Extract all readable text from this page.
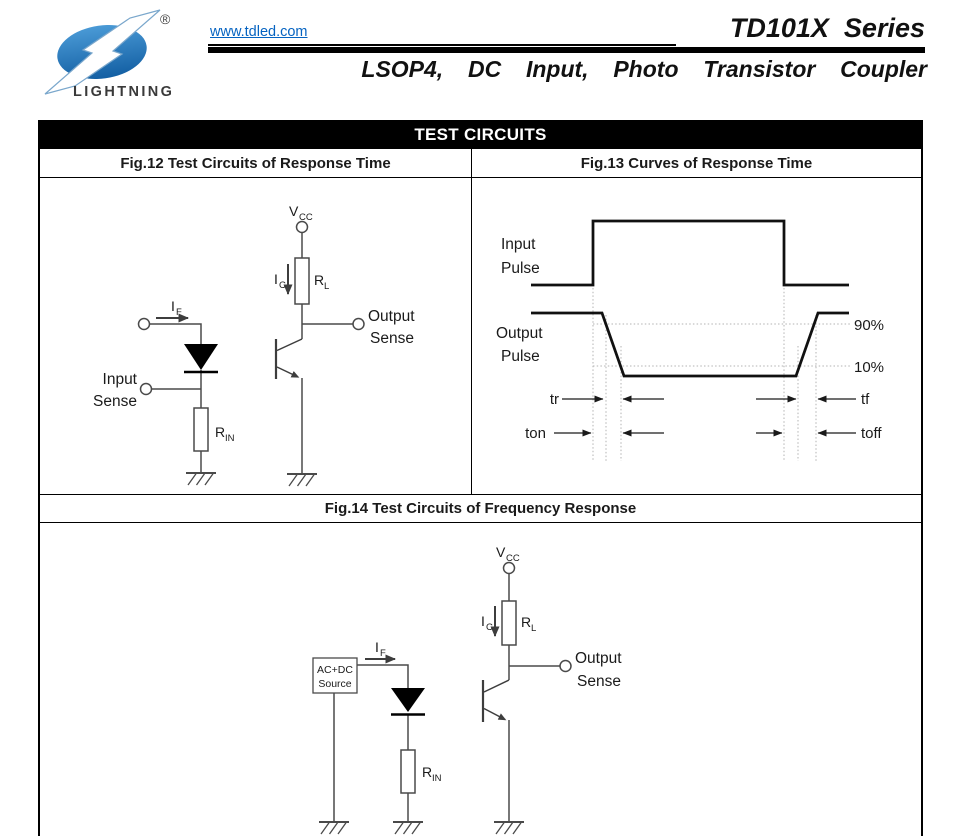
®
LIGHTNING
www.tdled.com	TD101X  Series
LSOP4,  DC  Input,  Photo  Transistor  Coupler
TEST CIRCUITS
Fig.12 Test Circuits of Response Time	Fig.13 Curves of Response Time
I F
Input
Sense
R IN
V CC
I C R L
Output
Sense
Input
Pulse
Output
Pulse
90%
10%
tr	tf
ton	toff
Fig.14 Test Circuits of Frequency Response
AC+DC
Source
I F
R IN
V CC
I C R L
Output
Sense
